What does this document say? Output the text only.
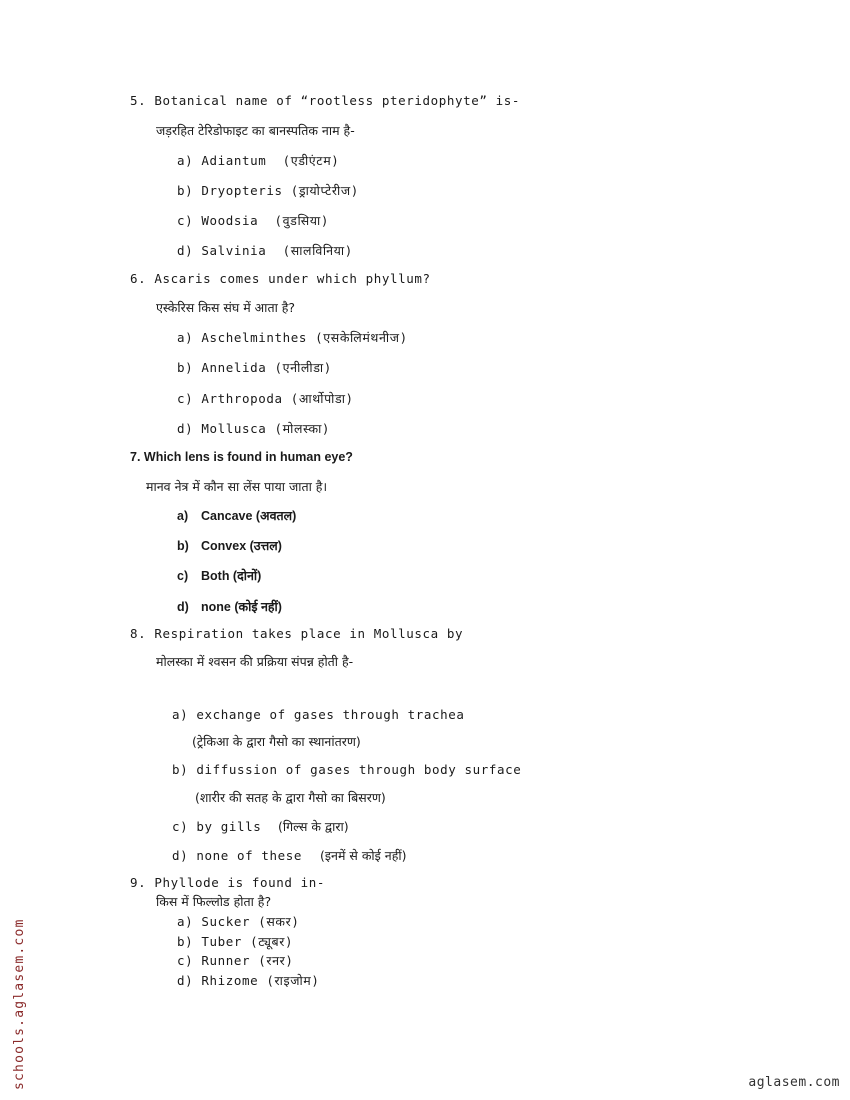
5. Botanical name of “rootless pteridophyte” is-
जड़रहित टेरिडोफाइट का बानस्पतिक नाम है-
a) Adiantum  (एडीएंटम)
b) Dryopteris (ड्रायोप्टेरीज)
c) Woodsia  (वुडसिया)
d) Salvinia  (सालविनिया)
6. Ascaris comes under which phyllum?
एस्केरिस किस संघ में आता है?
a) Aschelminthes (एसकेलिमंथनीज)
b) Annelida (एनीलीडा)
c) Arthropoda (आर्थोपोडा)
d) Mollusca (मोलस्का)
7. Which lens is found in human eye?
मानव नेत्र में कौन सा लेंस पाया जाता है।
a) Cancave (अवतल)
b) Convex (उत्तल)
c) Both (दोनों)
d) none (कोई नहीं)
8. Respiration takes place in Mollusca by
मोलस्का में श्वसन की प्रक्रिया संपन्न होती है-
a) exchange of gases through trachea
(ट्रेकिआ के द्वारा गैसो का स्थानांतरण)
b) diffussion of gases through body surface
(शारीर की सतह के द्वारा गैसो का बिसरण)
c) by gills
d) none of these
(गिल्स के द्वारा)
(इनमें से कोई नहीं)
9. Phyllode is found in-
किस में फिल्लोड होता है?
a) Sucker (सकर)
b) Tuber (ट्यूबर)
c) Runner (रनर)
d) Rhizome (राइजोम)
schools.aglasem.com	aglasem.com
